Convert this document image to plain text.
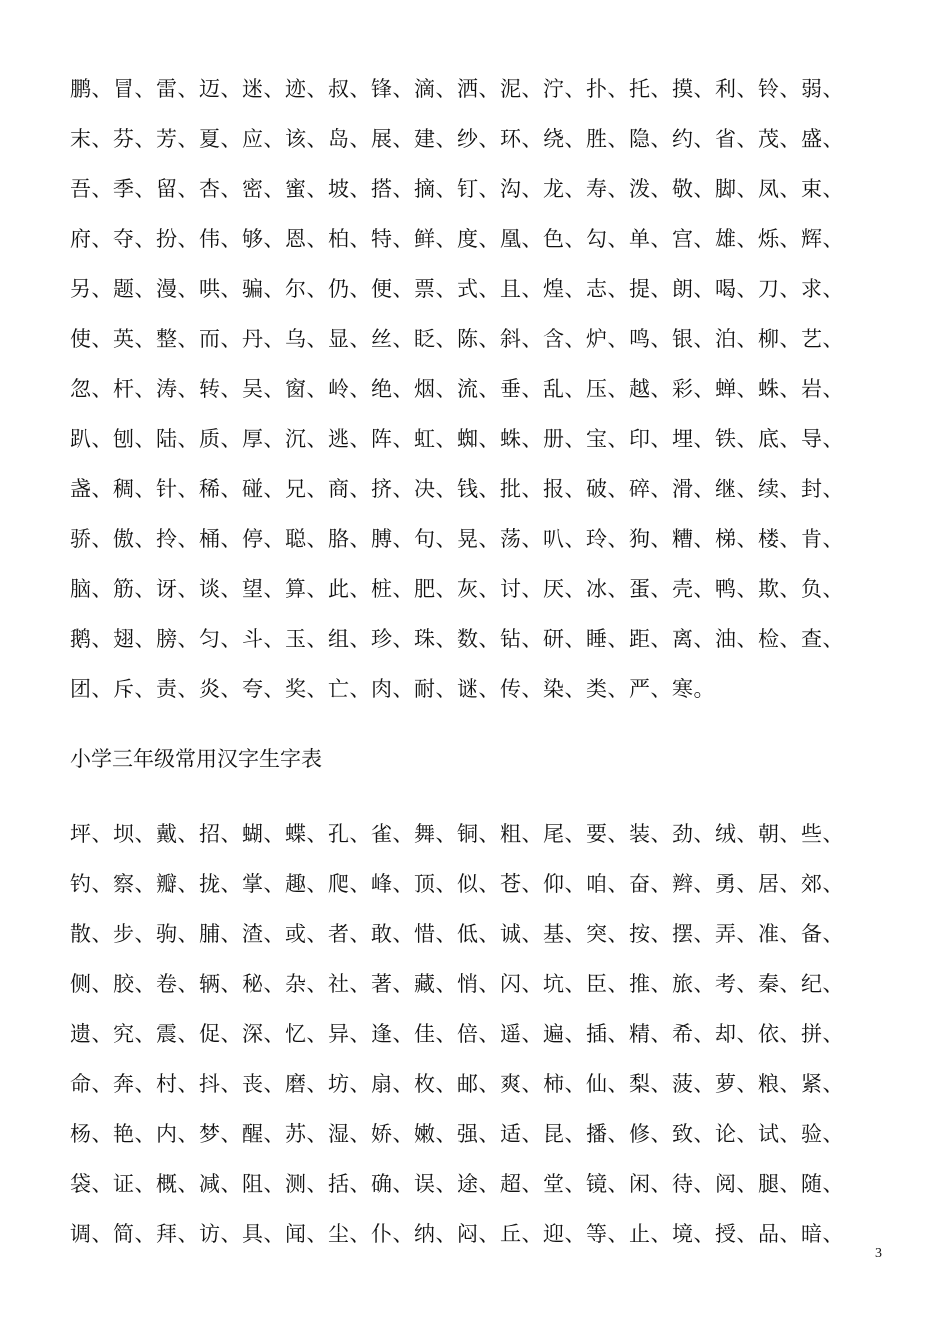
鹏、冒、雷、迈、迷、迹、叔、锋、滴、洒、泥、泞、扑、托、摸、利、铃、弱、
末、芬、芳、夏、应、该、岛、展、建、纱、环、绕、胜、隐、约、省、茂、盛、
吾、季、留、杏、密、蜜、坡、搭、摘、钉、沟、龙、寿、泼、敬、脚、凤、束、
府、夺、扮、伟、够、恩、柏、特、鲜、度、凰、色、勾、单、宫、雄、烁、辉、
另、题、漫、哄、骗、尔、仍、便、票、式、且、煌、志、提、朗、喝、刀、求、
使、英、整、而、丹、乌、显、丝、眨、陈、斜、含、炉、鸣、银、泊、柳、艺、
忽、杆、涛、转、吴、窗、岭、绝、烟、流、垂、乱、压、越、彩、蝉、蛛、岩、
趴、刨、陆、质、厚、沉、逃、阵、虹、蜘、蛛、册、宝、印、埋、铁、底、导、
盏、稠、针、稀、碰、兄、商、挤、决、钱、批、报、破、碎、滑、继、续、封、
骄、傲、拎、桶、停、聪、胳、膊、句、晃、荡、叭、玲、狗、糟、梯、楼、肯、
脑、筋、讶、谈、望、算、此、桩、肥、灰、讨、厌、冰、蛋、壳、鸭、欺、负、
鹅、翅、膀、匀、斗、玉、组、珍、珠、数、钻、研、睡、距、离、油、检、查、
团、斥、责、炎、夸、奖、亡、肉、耐、谜、传、染、类、严、寒。
小学三年级常用汉字生字表
坪、坝、戴、招、蝴、蝶、孔、雀、舞、铜、粗、尾、要、装、劲、绒、朝、些、
钓、察、瓣、拢、掌、趣、爬、峰、顶、似、苍、仰、咱、奋、辫、勇、居、郊、
散、步、驹、脯、渣、或、者、敢、惜、低、诚、基、突、按、摆、弄、准、备、
侧、胶、卷、辆、秘、杂、社、著、藏、悄、闪、坑、臣、推、旅、考、秦、纪、
遗、究、震、促、深、忆、异、逢、佳、倍、遥、遍、插、精、希、却、依、拼、
命、奔、村、抖、丧、磨、坊、扇、枚、邮、爽、柿、仙、梨、菠、萝、粮、紧、
杨、艳、内、梦、醒、苏、湿、娇、嫩、强、适、昆、播、修、致、论、试、验、
袋、证、概、减、阻、测、括、确、误、途、超、堂、镜、闲、待、阅、腿、随、
调、简、拜、访、具、闻、尘、仆、纳、闷、丘、迎、等、止、境、授、品、暗、
3
